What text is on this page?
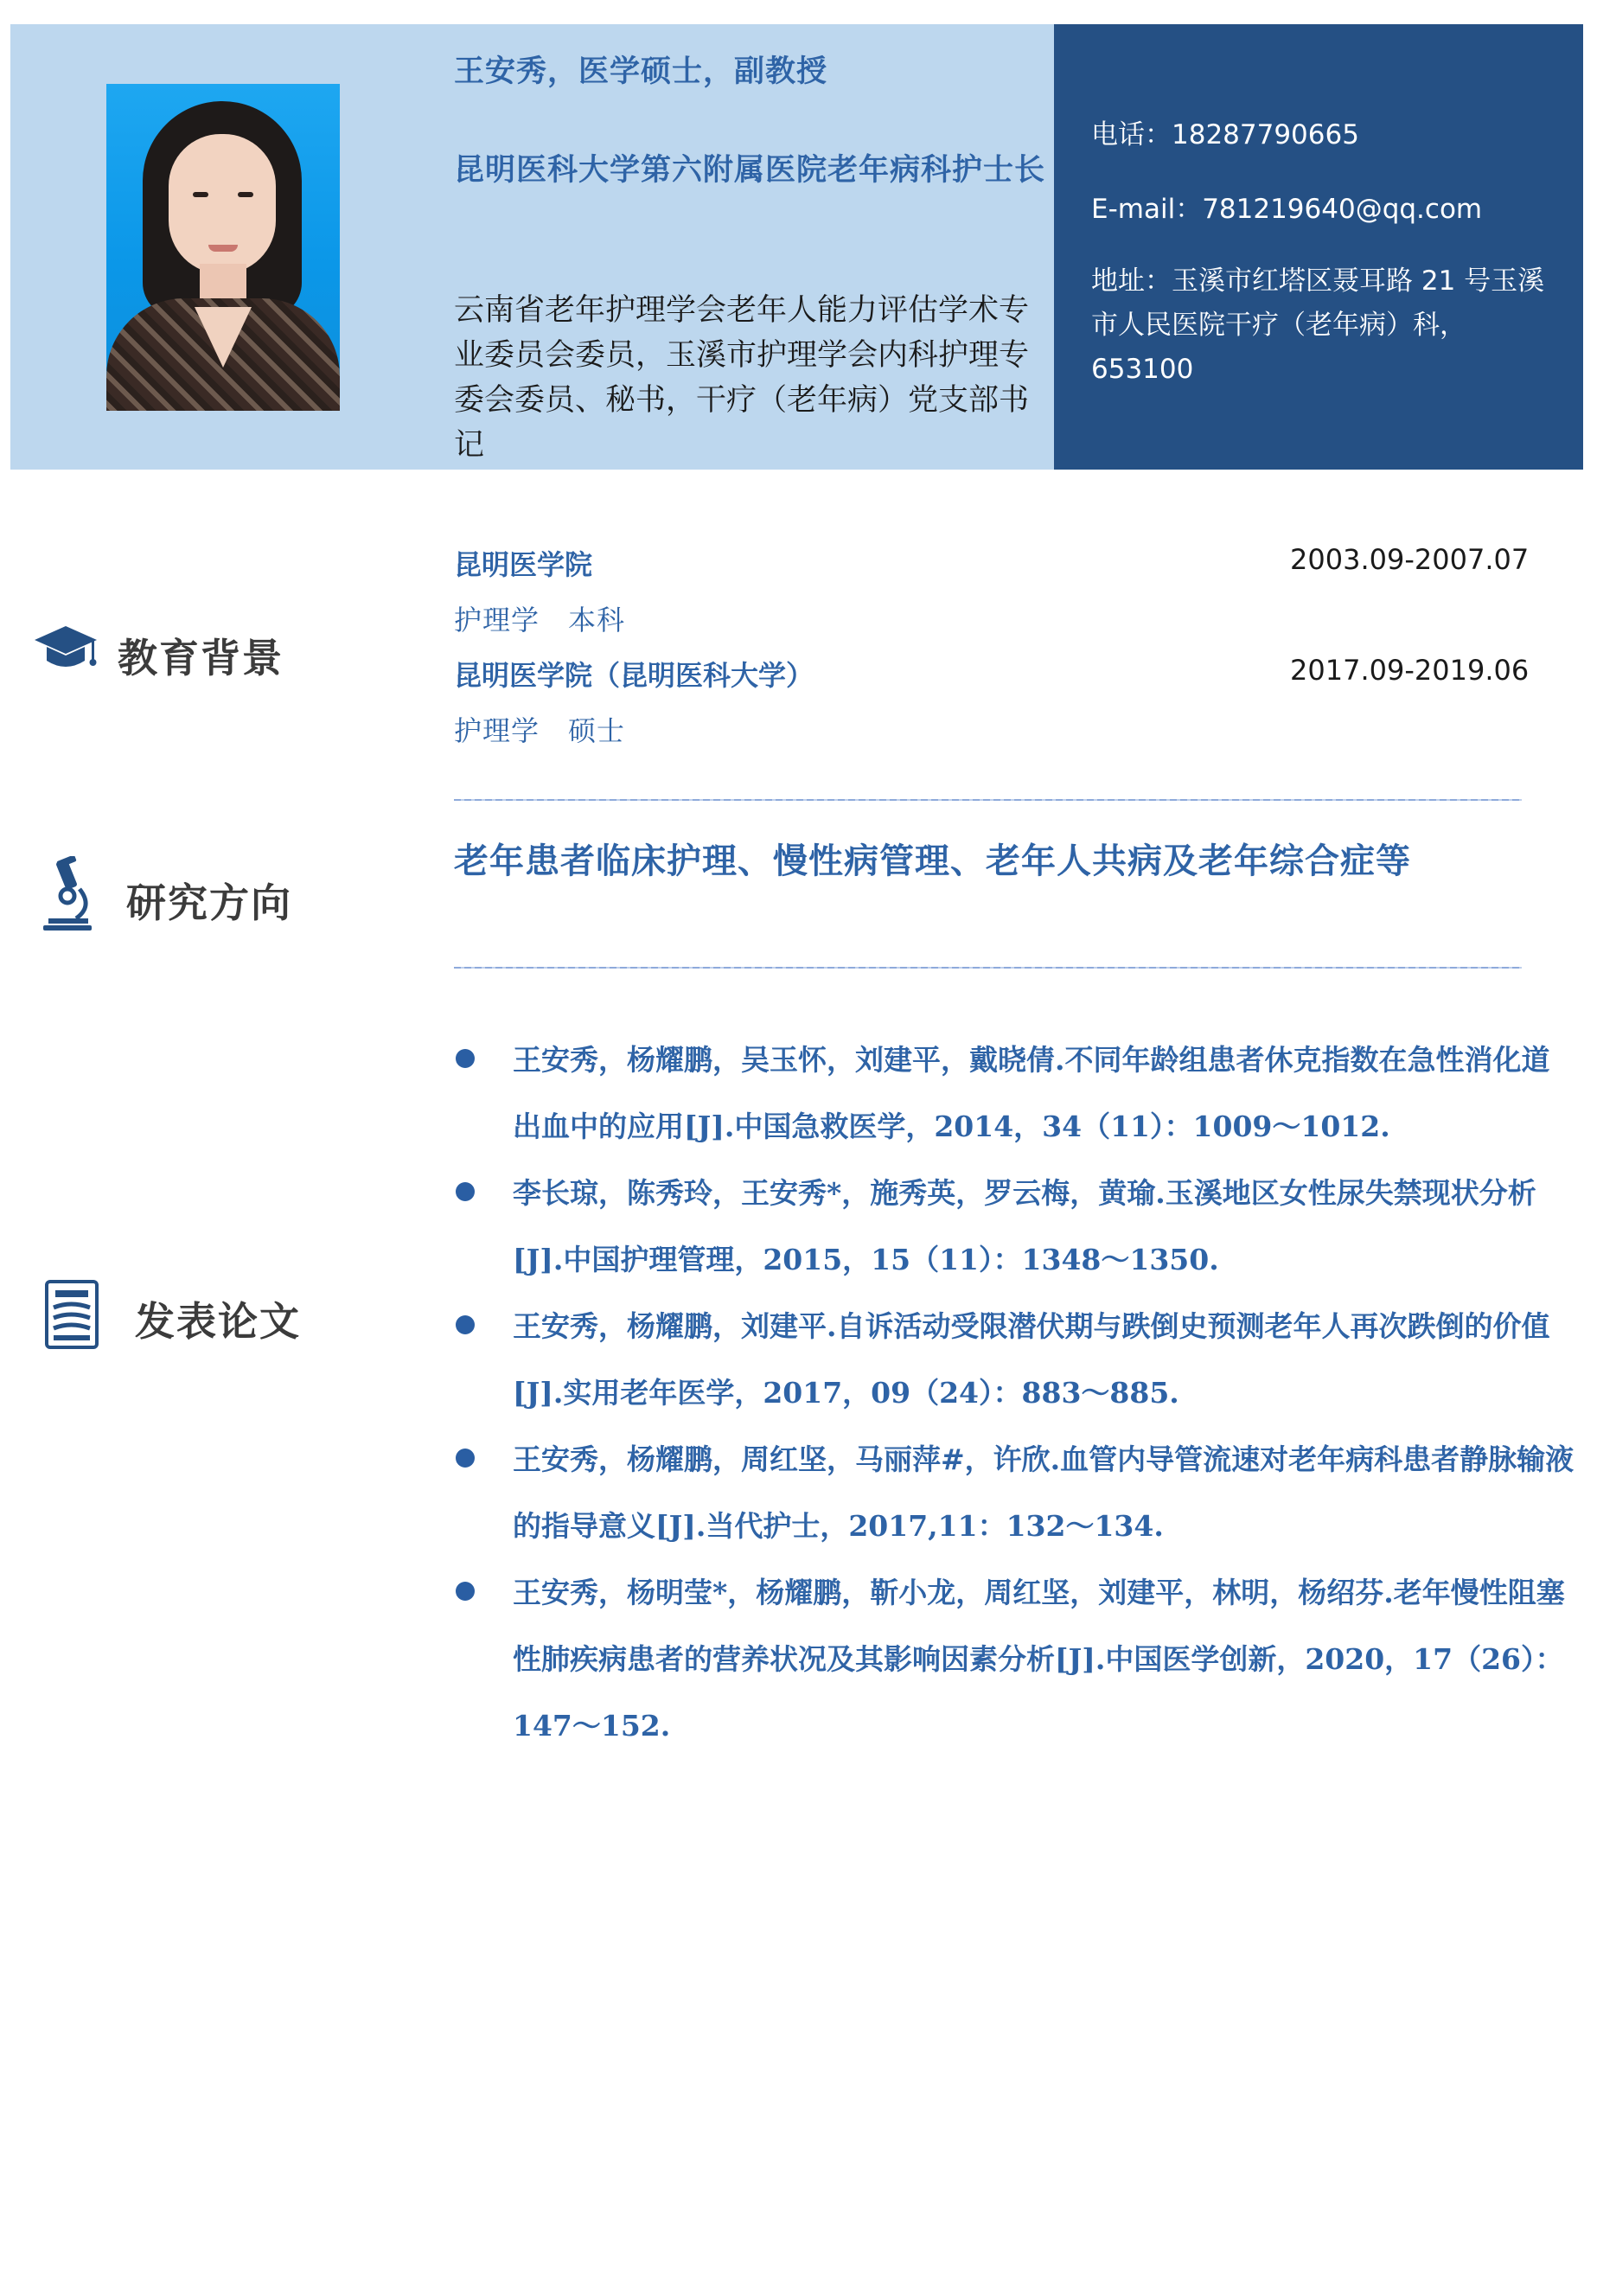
王安秀，医学硕士，副教授
昆明医科大学第六附属医院老年病科护士长
云南省老年护理学会老年人能力评估学术专业委员会委员，玉溪市护理学会内科护理专委会委员、秘书，干疗（老年病）党支部书记
电话：18287790665
E-mail：781219640@qq.com
地址：玉溪市红塔区聂耳路 21 号玉溪市人民医院干疗（老年病）科，653100
教育背景
昆明医学院	2003.09-2007.07
护理学　本科
昆明医学院（昆明医科大学）	2017.09-2019.06
护理学　硕士
研究方向
老年患者临床护理、慢性病管理、老年人共病及老年综合症等
发表论文
王安秀，杨耀鹏，吴玉怀，刘建平，戴晓倩.不同年龄组患者休克指数在急性消化道出血中的应用[J].中国急救医学，2014，34（11）：1009～1012.
李长琼，陈秀玲，王安秀*，施秀英，罗云梅，黄瑜.玉溪地区女性尿失禁现状分析[J].中国护理管理，2015，15（11）：1348～1350.
王安秀，杨耀鹏，刘建平.自诉活动受限潜伏期与跌倒史预测老年人再次跌倒的价值[J].实用老年医学，2017，09（24）：883～885.
王安秀，杨耀鹏，周红坚，马丽萍#，许欣.血管内导管流速对老年病科患者静脉输液的指导意义[J].当代护士，2017,11：132～134.
王安秀，杨明莹*，杨耀鹏，靳小龙，周红坚，刘建平，林明，杨绍芬.老年慢性阻塞性肺疾病患者的营养状况及其影响因素分析[J].中国医学创新，2020，17（26）：147～152.
